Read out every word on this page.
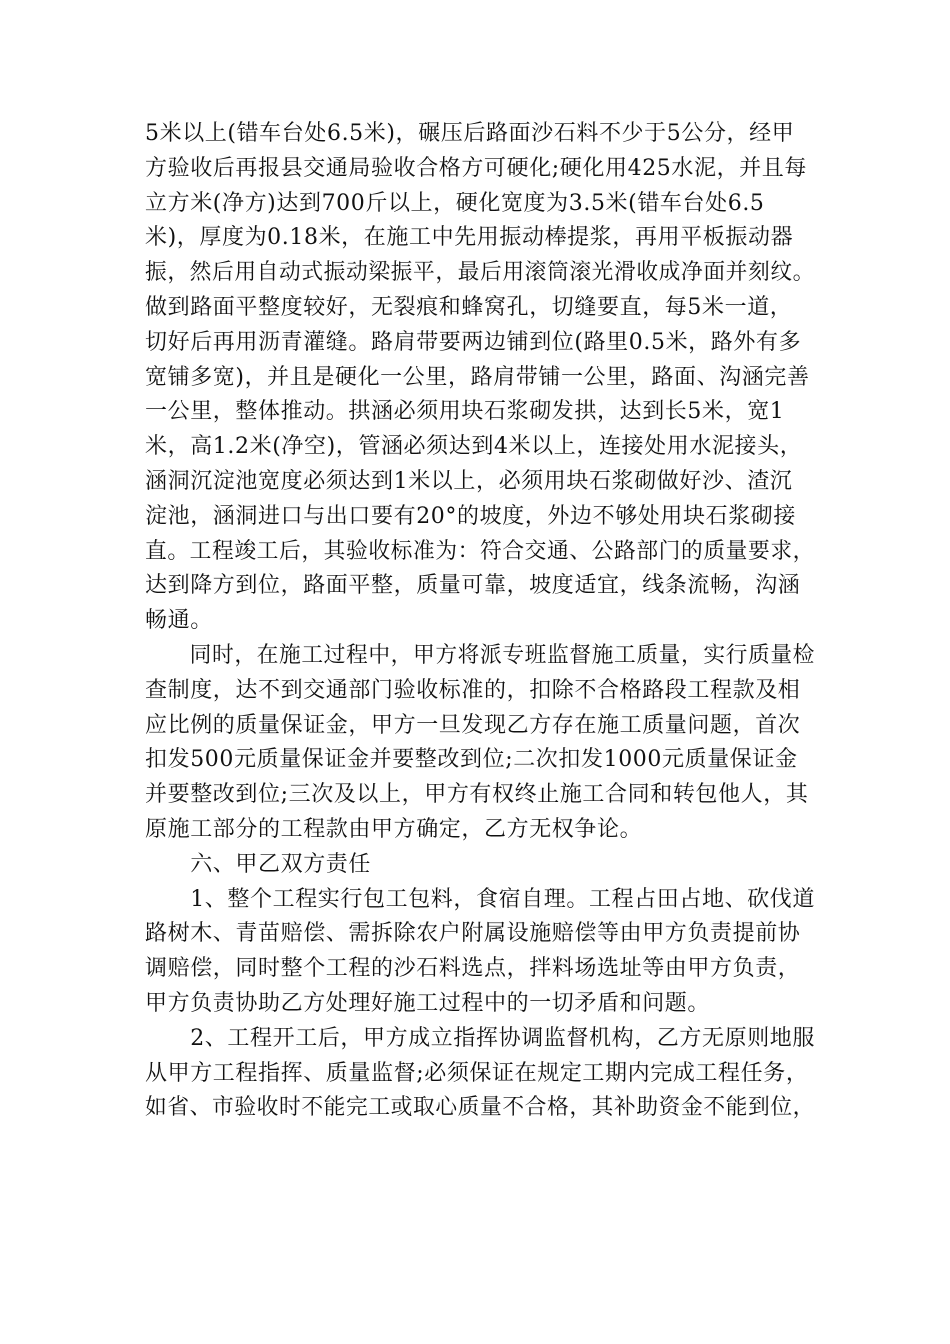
5米以上(错车台处6.5米)，碾压后路面沙石料不少于5公分，经甲
方验收后再报县交通局验收合格方可硬化;硬化用425水泥，并且每
立方米(净方)达到700斤以上，硬化宽度为3.5米(错车台处6.5
米)，厚度为0.18米，在施工中先用振动棒提浆，再用平板振动器
振，然后用自动式振动梁振平，最后用滚筒滚光滑收成净面并刻纹。
做到路面平整度较好，无裂痕和蜂窝孔，切缝要直，每5米一道，
切好后再用沥青灌缝。路肩带要两边铺到位(路里0.5米，路外有多
宽铺多宽)，并且是硬化一公里，路肩带铺一公里，路面、沟涵完善
一公里，整体推动。拱涵必须用块石浆砌发拱，达到长5米，宽1
米，高1.2米(净空)，管涵必须达到4米以上，连接处用水泥接头，
涵洞沉淀池宽度必须达到1米以上，必须用块石浆砌做好沙、渣沉
淀池，涵洞进口与出口要有20°的坡度，外边不够处用块石浆砌接
直。工程竣工后，其验收标准为：符合交通、公路部门的质量要求，
达到降方到位，路面平整，质量可靠，坡度适宜，线条流畅，沟涵
畅通。
　　同时，在施工过程中，甲方将派专班监督施工质量，实行质量检
查制度，达不到交通部门验收标准的，扣除不合格路段工程款及相
应比例的质量保证金，甲方一旦发现乙方存在施工质量问题，首次
扣发500元质量保证金并要整改到位;二次扣发1000元质量保证金
并要整改到位;三次及以上，甲方有权终止施工合同和转包他人，其
原施工部分的工程款由甲方确定，乙方无权争论。
　　六、甲乙双方责任
　　1、整个工程实行包工包料，食宿自理。工程占田占地、砍伐道
路树木、青苗赔偿、需拆除农户附属设施赔偿等由甲方负责提前协
调赔偿，同时整个工程的沙石料选点，拌料场选址等由甲方负责，
甲方负责协助乙方处理好施工过程中的一切矛盾和问题。
　　2、工程开工后，甲方成立指挥协调监督机构，乙方无原则地服
从甲方工程指挥、质量监督;必须保证在规定工期内完成工程任务，
如省、市验收时不能完工或取心质量不合格，其补助资金不能到位，
